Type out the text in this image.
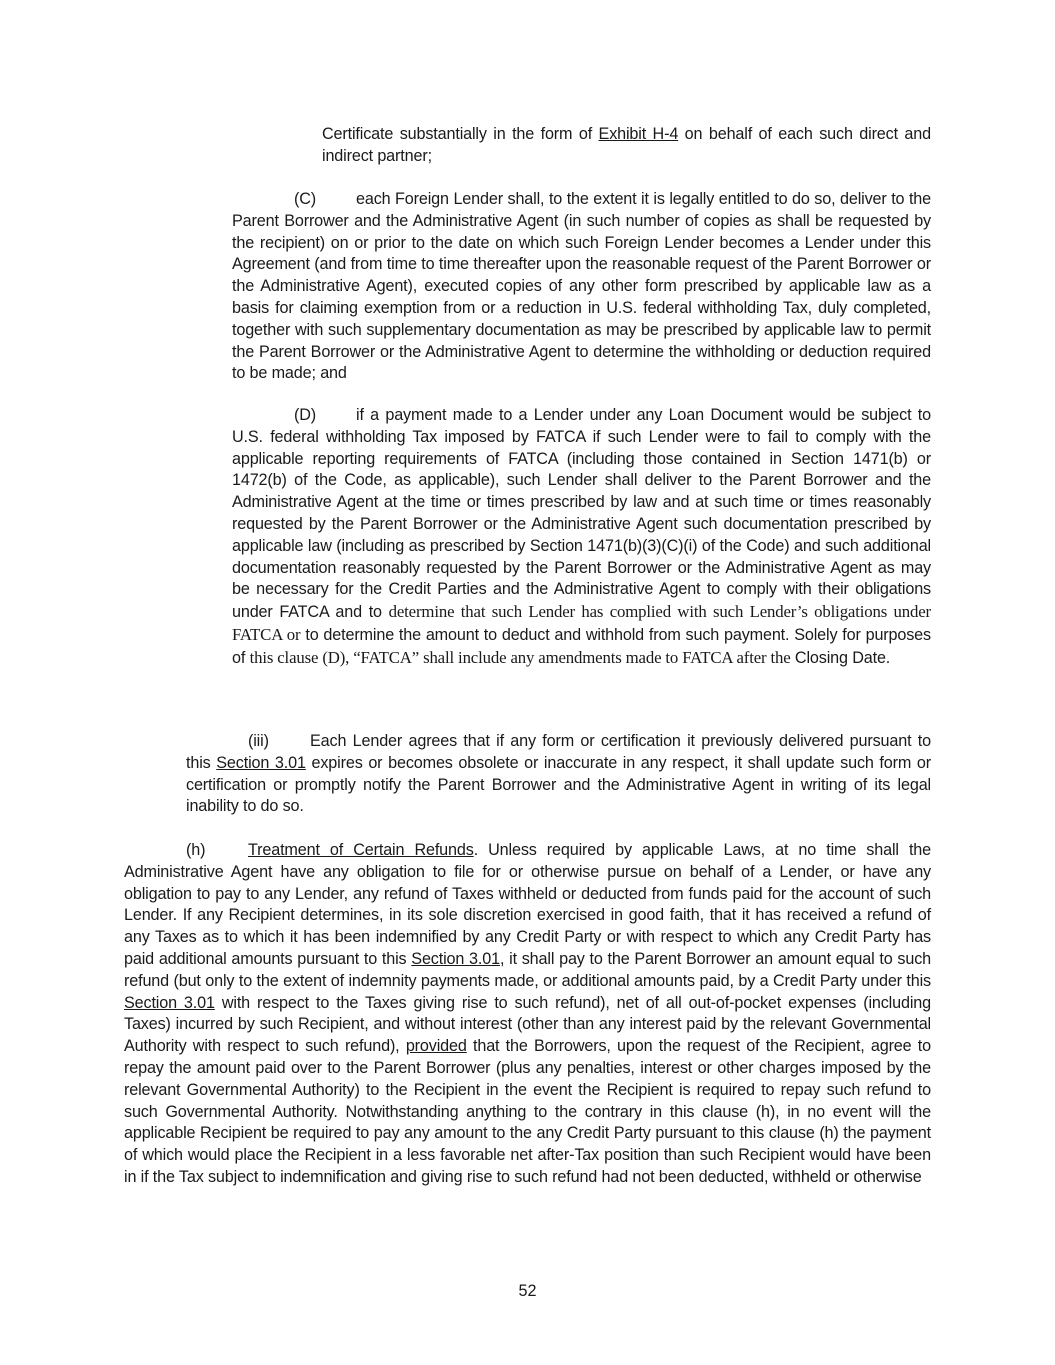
Certificate substantially in the form of Exhibit H-4 on behalf of each such direct and indirect partner;

(C) each Foreign Lender shall, to the extent it is legally entitled to do so, deliver to the Parent Borrower and the Administrative Agent (in such number of copies as shall be requested by the recipient) on or prior to the date on which such Foreign Lender becomes a Lender under this Agreement (and from time to time thereafter upon the reasonable request of the Parent Borrower or the Administrative Agent), executed copies of any other form prescribed by applicable law as a basis for claiming exemption from or a reduction in U.S. federal withholding Tax, duly completed, together with such supplementary documentation as may be prescribed by applicable law to permit the Parent Borrower or the Administrative Agent to determine the withholding or deduction required to be made; and

(D) if a payment made to a Lender under any Loan Document would be subject to U.S. federal withholding Tax imposed by FATCA if such Lender were to fail to comply with the applicable reporting requirements of FATCA (including those contained in Section 1471(b) or 1472(b) of the Code, as applicable), such Lender shall deliver to the Parent Borrower and the Administrative Agent at the time or times prescribed by law and at such time or times reasonably requested by the Parent Borrower or the Administrative Agent such documentation prescribed by applicable law (including as prescribed by Section 1471(b)(3)(C)(i) of the Code) and such additional documentation reasonably requested by the Parent Borrower or the Administrative Agent as may be necessary for the Credit Parties and the Administrative Agent to comply with their obligations under FATCA and to determine that such Lender has complied with such Lender’s obligations under FATCA or to determine the amount to deduct and withhold from such payment. Solely for purposes of this clause (D), “FATCA” shall include any amendments made to FATCA after the Closing Date.

(iii)	Each Lender agrees that if any form or certification it previously delivered pursuant to this Section 3.01 expires or becomes obsolete or inaccurate in any respect, it shall update such form or certification or promptly notify the Parent Borrower and the Administrative Agent in writing of its legal inability to do so.

(h)	Treatment of Certain Refunds. Unless required by applicable Laws, at no time shall the Administrative Agent have any obligation to file for or otherwise pursue on behalf of a Lender, or have any obligation to pay to any Lender, any refund of Taxes withheld or deducted from funds paid for the account of such Lender. If any Recipient determines, in its sole discretion exercised in good faith, that it has received a refund of any Taxes as to which it has been indemnified by any Credit Party or with respect to which any Credit Party has paid additional amounts pursuant to this Section 3.01, it shall pay to the Parent Borrower an amount equal to such refund (but only to the extent of indemnity payments made, or additional amounts paid, by a Credit Party under this Section 3.01 with respect to the Taxes giving rise to such refund), net of all out-of-pocket expenses (including Taxes) incurred by such Recipient, and without interest (other than any interest paid by the relevant Governmental Authority with respect to such refund), provided that the Borrowers, upon the request of the Recipient, agree to repay the amount paid over to the Parent Borrower (plus any penalties, interest or other charges imposed by the relevant Governmental Authority) to the Recipient in the event the Recipient is required to repay such refund to such Governmental Authority. Notwithstanding anything to the contrary in this clause (h), in no event will the applicable Recipient be required to pay any amount to the any Credit Party pursuant to this clause (h) the payment of which would place the Recipient in a less favorable net after-Tax position than such Recipient would have been in if the Tax subject to indemnification and giving rise to such refund had not been deducted, withheld or otherwise

52
